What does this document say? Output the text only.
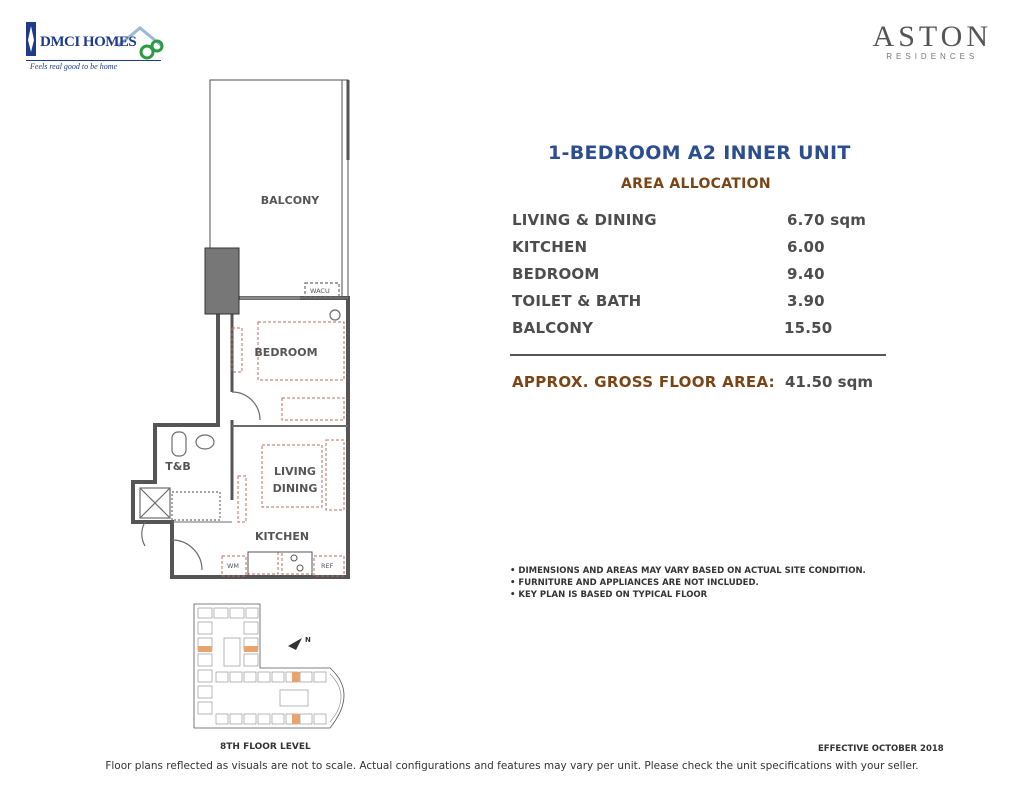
DMCI HOMES
Feels real good to be home
ASTON
RESIDENCES
BALCONY
WACU
BEDROOM
T&B	LIVING
DINING
KITCHEN
WM	REF
N
8TH FLOOR LEVEL
1-BEDROOM A2 INNER UNIT
AREA ALLOCATION
LIVING & DINING	6.70 sqm
KITCHEN	6.00
BEDROOM	9.40
TOILET & BATH	3.90
BALCONY	15.50
APPROX. GROSS FLOOR AREA: 41.50 sqm
• DIMENSIONS AND AREAS MAY VARY BASED ON ACTUAL SITE CONDITION.
• FURNITURE AND APPLIANCES ARE NOT INCLUDED.
• KEY PLAN IS BASED ON TYPICAL FLOOR
EFFECTIVE OCTOBER 2018
Floor plans reflected as visuals are not to scale. Actual configurations and features may vary per unit. Please check the unit specifications with your seller.
